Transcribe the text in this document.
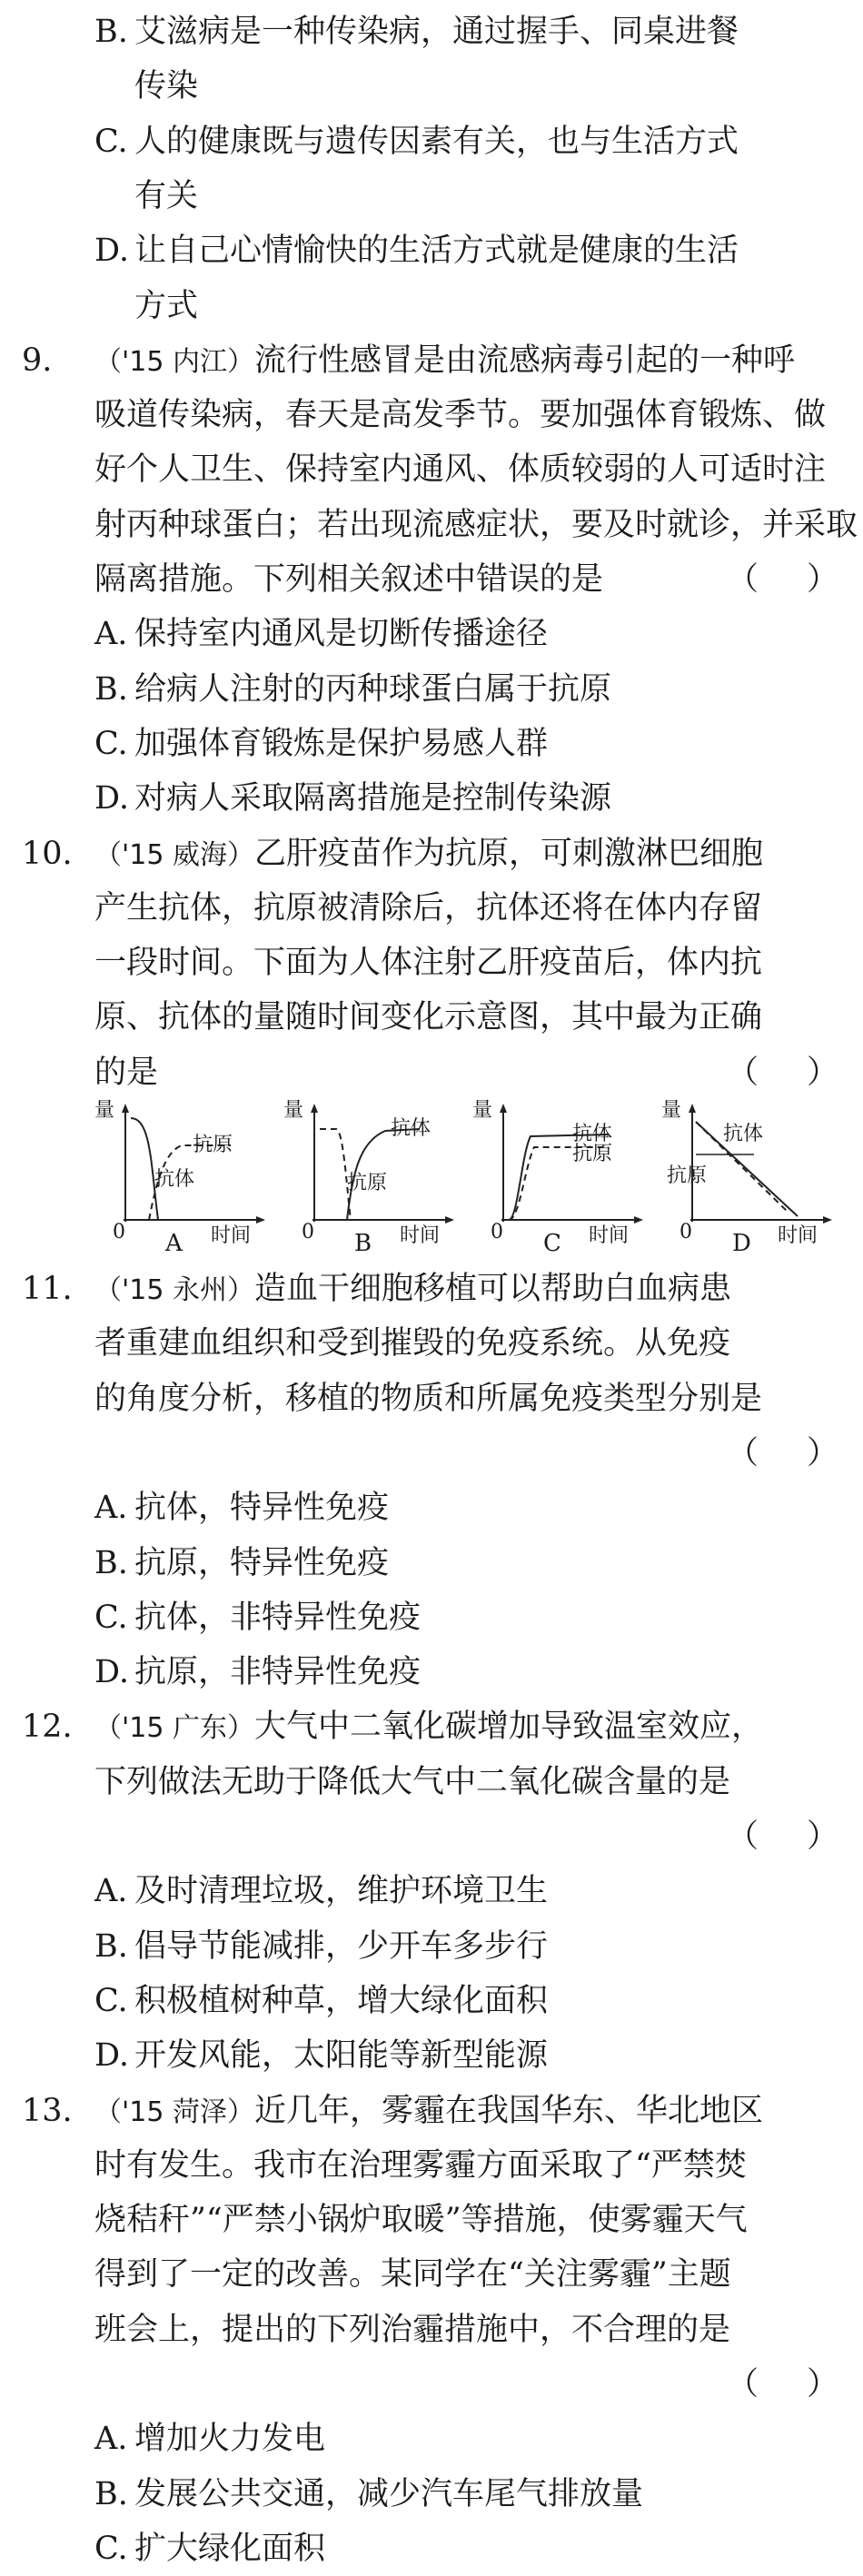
B. 艾滋病是一种传染病，通过握手、同桌进餐
传染
C. 人的健康既与遗传因素有关，也与生活方式
有关
D. 让自己心情愉快的生活方式就是健康的生活
方式
9. （'15 内江）流行性感冒是由流感病毒引起的一种呼
吸道传染病，春天是高发季节。要加强体育锻炼、做
好个人卫生、保持室内通风、体质较弱的人可适时注
射丙种球蛋白；若出现流感症状，要及时就诊，并采取
隔离措施。下列相关叙述中错误的是	（ ）
A. 保持室内通风是切断传播途径
B. 给病人注射的丙种球蛋白属于抗原
C. 加强体育锻炼是保护易感人群
D. 对病人采取隔离措施是控制传染源
10. （'15 威海）乙肝疫苗作为抗原，可刺激淋巴细胞
产生抗体，抗原被清除后，抗体还将在体内存留
一段时间。下面为人体注射乙肝疫苗后，体内抗
原、抗体的量随时间变化示意图，其中最为正确
的是	（ ）
量
0	时间
A
抗原
抗体
量
0	时间
B
抗体
抗原
量
0	时间
C
抗体
抗原
量
0	时间
D
抗体
抗原
11. （'15 永州）造血干细胞移植可以帮助白血病患
者重建血组织和受到摧毁的免疫系统。从免疫
的角度分析，移植的物质和所属免疫类型分别是
（ ）
A. 抗体，特异性免疫
B. 抗原，特异性免疫
C. 抗体，非特异性免疫
D. 抗原，非特异性免疫
12. （'15 广东）大气中二氧化碳增加导致温室效应，
下列做法无助于降低大气中二氧化碳含量的是
（ ）
A. 及时清理垃圾，维护环境卫生
B. 倡导节能减排，少开车多步行
C. 积极植树种草，增大绿化面积
D. 开发风能，太阳能等新型能源
13. （'15 菏泽）近几年，雾霾在我国华东、华北地区
时有发生。我市在治理雾霾方面采取了“严禁焚
烧秸秆”“严禁小锅炉取暖”等措施，使雾霾天气
得到了一定的改善。某同学在“关注雾霾”主题
班会上，提出的下列治霾措施中，不合理的是
（ ）
A. 增加火力发电
B. 发展公共交通，减少汽车尾气排放量
C. 扩大绿化面积
